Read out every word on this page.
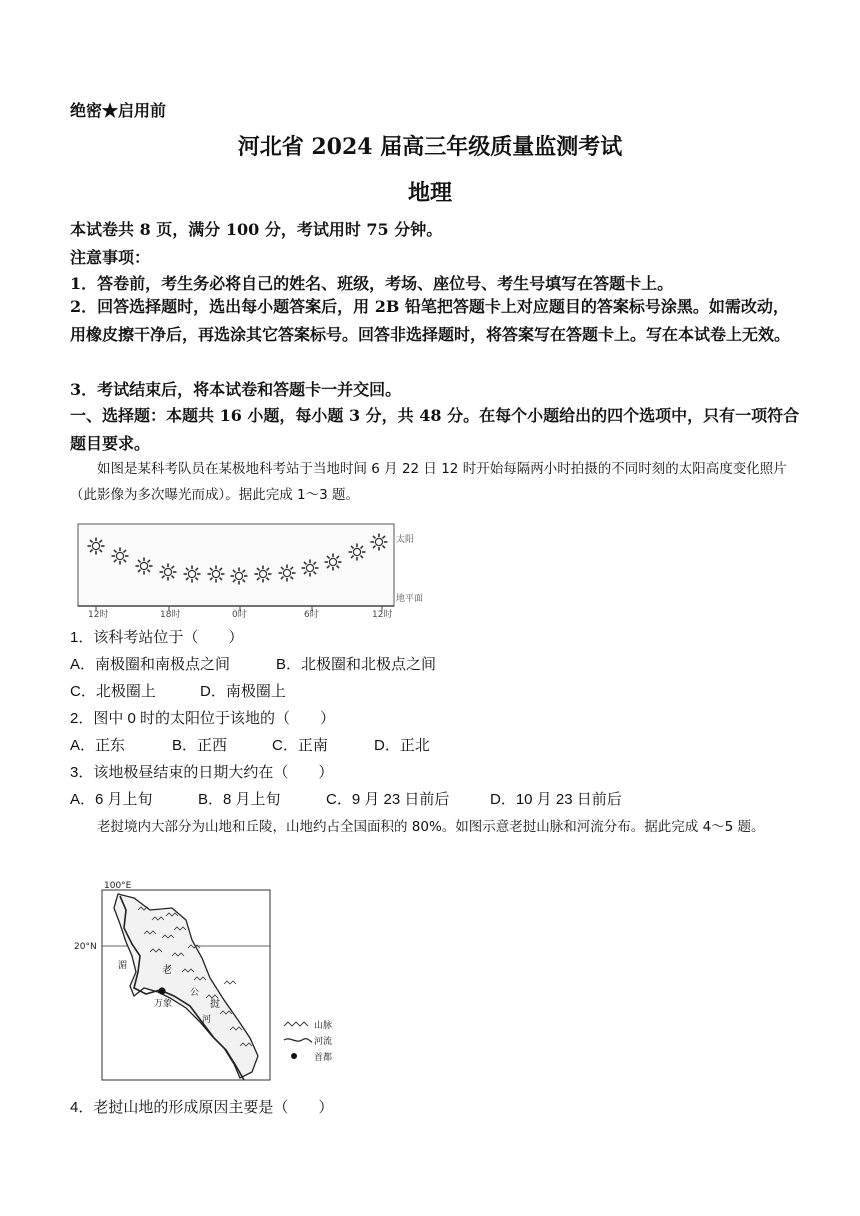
绝密★启用前
河北省 2024 届高三年级质量监测考试
地理
本试卷共 8 页，满分 100 分，考试用时 75 分钟。
注意事项：
1．答卷前，考生务必将自己的姓名、班级，考场、座位号、考生号填写在答题卡上。
2．回答选择题时，选出每小题答案后，用 2B 铅笔把答题卡上对应题目的答案标号涂黑。如需改动，用橡皮擦干净后，再选涂其它答案标号。回答非选择题时，将答案写在答题卡上。写在本试卷上无效。
3．考试结束后，将本试卷和答题卡一并交回。
一、选择题：本题共 16 小题，每小题 3 分，共 48 分。在每个小题给出的四个选项中，只有一项符合题目要求。
如图是某科考队员在某极地科考站于当地时间 6 月 22 日 12 时开始每隔两小时拍摄的不同时刻的太阳高度变化照片（此影像为多次曝光而成）。据此完成 1～3 题。
太阳
地平面
12时	18时	0时	6时	12时
1．该科考站位于（　　）
A．南极圈和南极点之间	B．北极圈和北极点之间
C．北极圈上	D．南极圈上
2．图中 0 时的太阳位于该地的（　　）
A．正东	B．正西	C．正南	D．正北
3．该地极昼结束的日期大约在（　　）
A．6 月上旬	B．8 月上旬	C．9 月 23 日前后	D．10 月 23 日前后
老挝境内大部分为山地和丘陵，山地约占全国面积的 80%。如图示意老挝山脉和河流分布。据此完成 4～5 题。
100°E
20°N
万象
老
挝
湄
公
河
山脉
河流
首都
4．老挝山地的形成原因主要是（　　）
